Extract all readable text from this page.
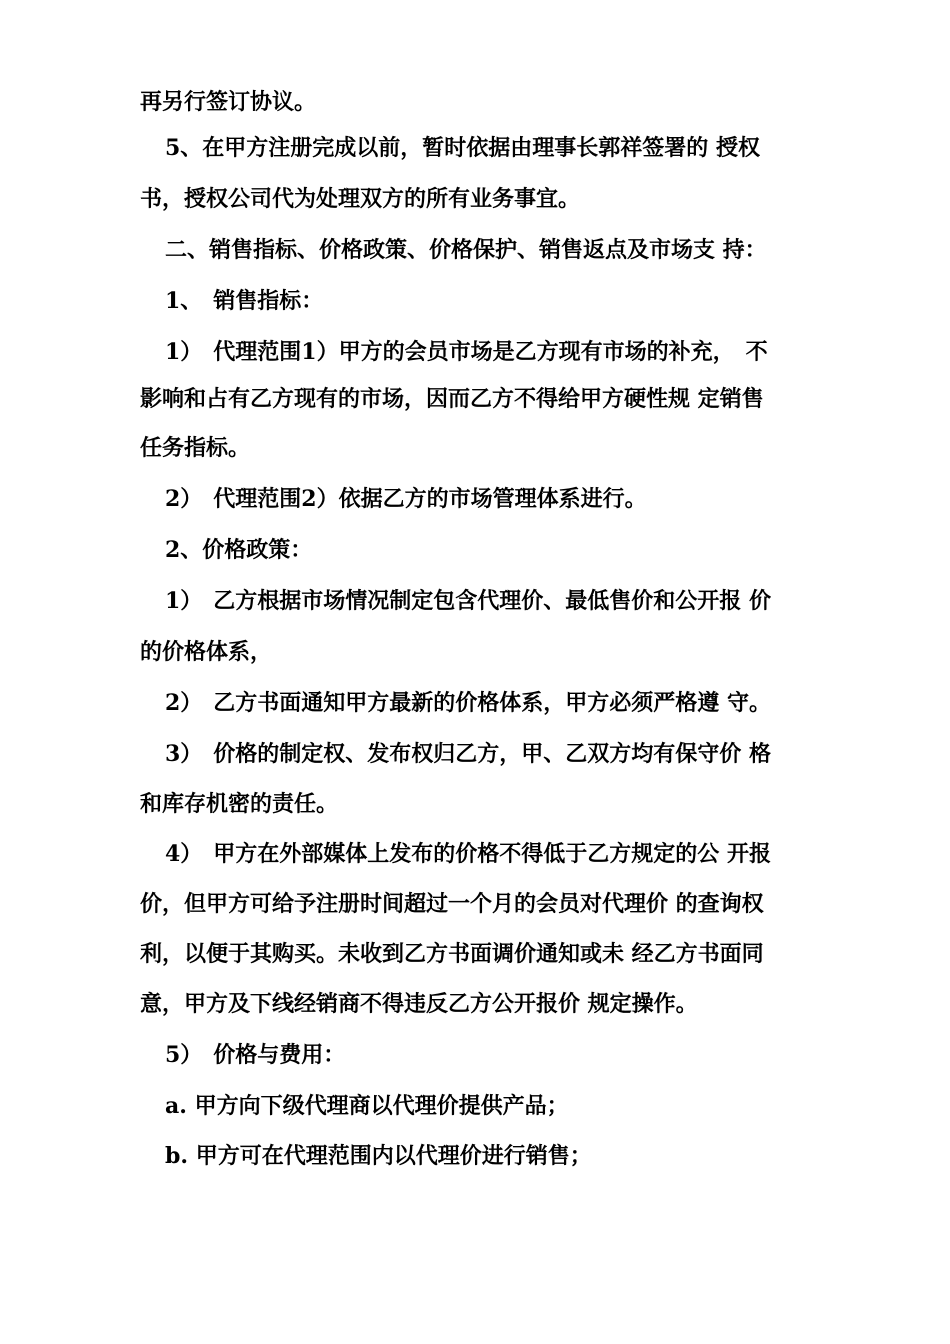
再另行签订协议。
5、在甲方注册完成以前，暂时依据由理事长郭祥签署的 授权
书，授权公司代为处理双方的所有业务事宜。
二、销售指标、价格政策、价格保护、销售返点及市场支 持：
1、　销售指标：
1）　代理范围1）甲方的会员市场是乙方现有市场的补充，　不
影响和占有乙方现有的市场，因而乙方不得给甲方硬性规 定销售
任务指标。
2）　代理范围2）依据乙方的市场管理体系进行。
2、价格政策：
1）　乙方根据市场情况制定包含代理价、最低售价和公开报 价
的价格体系，
2）　乙方书面通知甲方最新的价格体系，甲方必须严格遵 守。
3）　价格的制定权、发布权归乙方，甲、乙双方均有保守价 格
和库存机密的责任。
4）　甲方在外部媒体上发布的价格不得低于乙方规定的公 开报
价，但甲方可给予注册时间超过一个月的会员对代理价 的查询权
利，以便于其购买。未收到乙方书面调价通知或未 经乙方书面同
意，甲方及下线经销商不得违反乙方公开报价 规定操作。
5）　价格与费用：
a. 甲方向下级代理商以代理价提供产品；
b. 甲方可在代理范围内以代理价进行销售；
